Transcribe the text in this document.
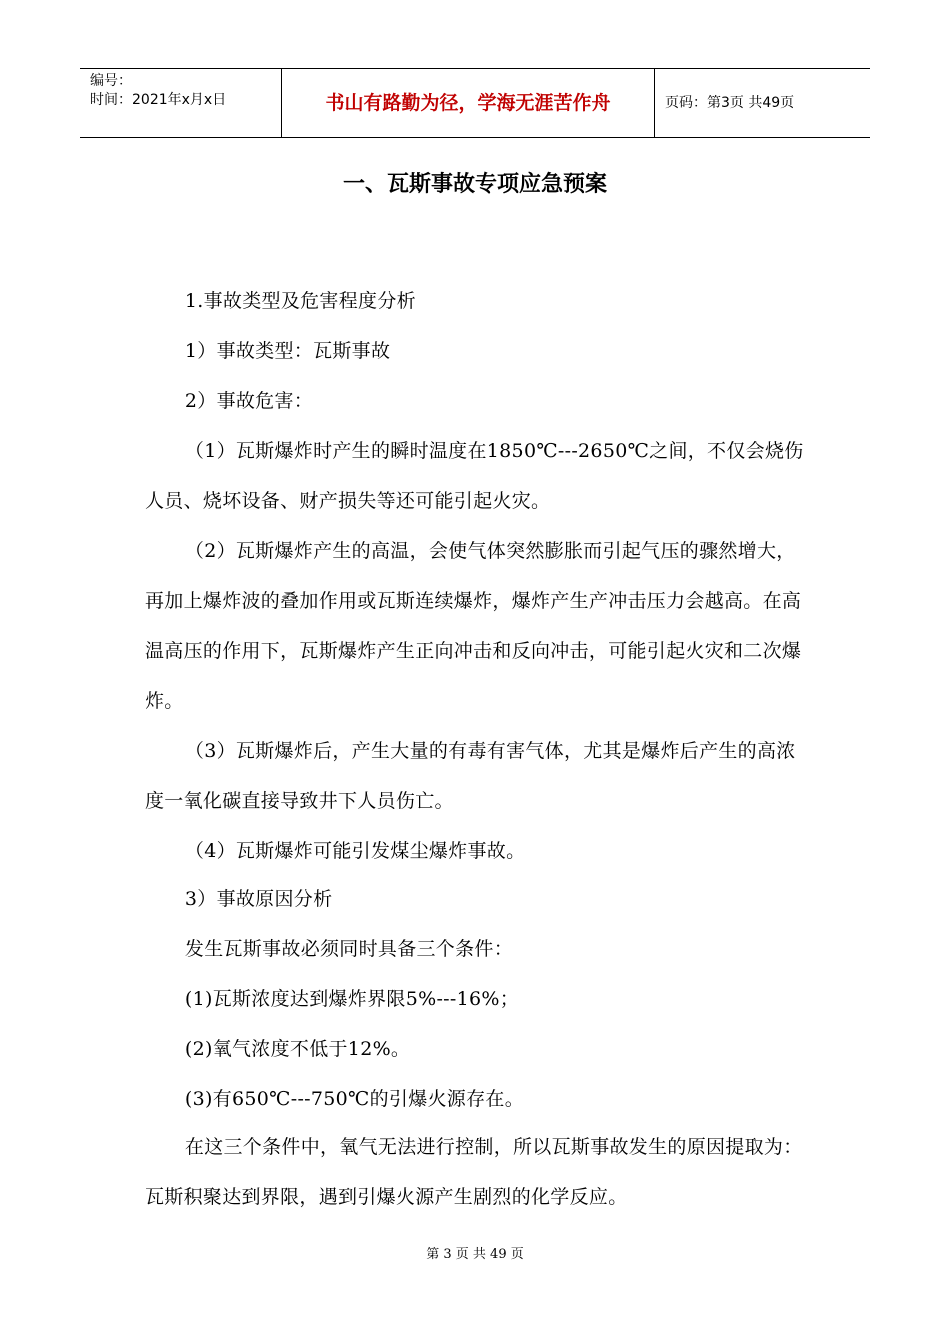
编号：
时间：2021年x月x日	书山有路勤为径，学海无涯苦作舟	页码：第3页 共49页
一、瓦斯事故专项应急预案

1.事故类型及危害程度分析

1）事故类型：瓦斯事故

2）事故危害：

（1）瓦斯爆炸时产生的瞬时温度在1850℃---2650℃之间，不仅会烧伤人员、烧坏设备、财产损失等还可能引起火灾。

（2）瓦斯爆炸产生的高温，会使气体突然膨胀而引起气压的骤然增大，再加上爆炸波的叠加作用或瓦斯连续爆炸，爆炸产生产冲击压力会越高。在高温高压的作用下，瓦斯爆炸产生正向冲击和反向冲击，可能引起火灾和二次爆炸。

（3）瓦斯爆炸后，产生大量的有毒有害气体，尤其是爆炸后产生的高浓度一氧化碳直接导致井下人员伤亡。

（4）瓦斯爆炸可能引发煤尘爆炸事故。

3）事故原因分析

发生瓦斯事故必须同时具备三个条件：

(1)瓦斯浓度达到爆炸界限5%---16%；

(2)氧气浓度不低于12%。

(3)有650℃---750℃的引爆火源存在。

在这三个条件中，氧气无法进行控制，所以瓦斯事故发生的原因提取为：瓦斯积聚达到界限，遇到引爆火源产生剧烈的化学反应。

第 3 页 共 49 页
